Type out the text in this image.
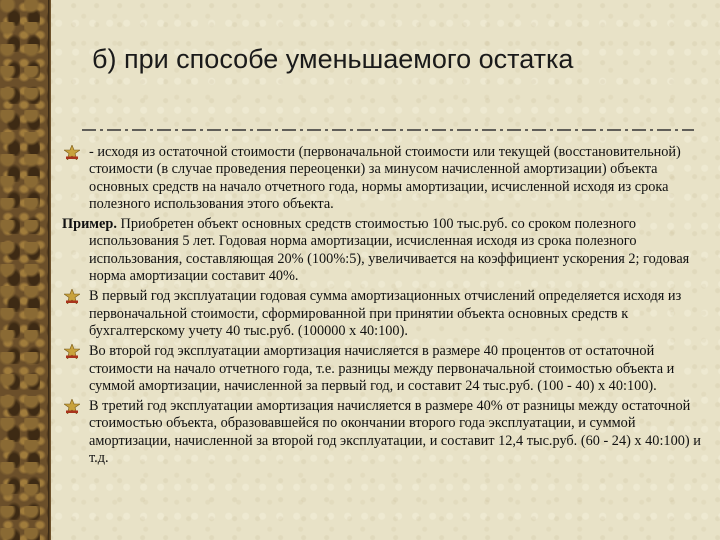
б) при способе уменьшаемого остатка
- исходя из остаточной стоимости (первоначальной стоимости или текущей (восстановительной) стоимости (в случае проведения переоценки) за минусом начисленной амортизации) объекта основных средств на начало отчетного года, нормы амортизации, исчисленной исходя из срока полезного использования этого объекта.
Пример. Приобретен объект основных средств стоимостью 100 тыс.руб. со сроком полезного использования 5 лет. Годовая норма амортизации, исчисленная исходя из срока полезного использования, составляющая 20% (100%:5), увеличивается на коэффициент ускорения 2; годовая норма амортизации составит 40%.
В первый год эксплуатации годовая сумма амортизационных отчислений определяется исходя из первоначальной стоимости, сформированной при принятии объекта основных средств к бухгалтерскому учету 40 тыс.руб. (100000 х 40:100).
Во второй год эксплуатации амортизация начисляется в размере 40 процентов от остаточной стоимости на начало отчетного года, т.е. разницы между первоначальной стоимостью объекта и суммой амортизации, начисленной за первый год, и составит 24 тыс.руб. (100 - 40) х 40:100).
В третий год эксплуатации амортизация начисляется в размере 40% от разницы между остаточной стоимостью объекта, образовавшейся по окончании второго года эксплуатации, и суммой амортизации, начисленной за второй год эксплуатации, и составит 12,4 тыс.руб. (60 - 24) х 40:100) и т.д.
